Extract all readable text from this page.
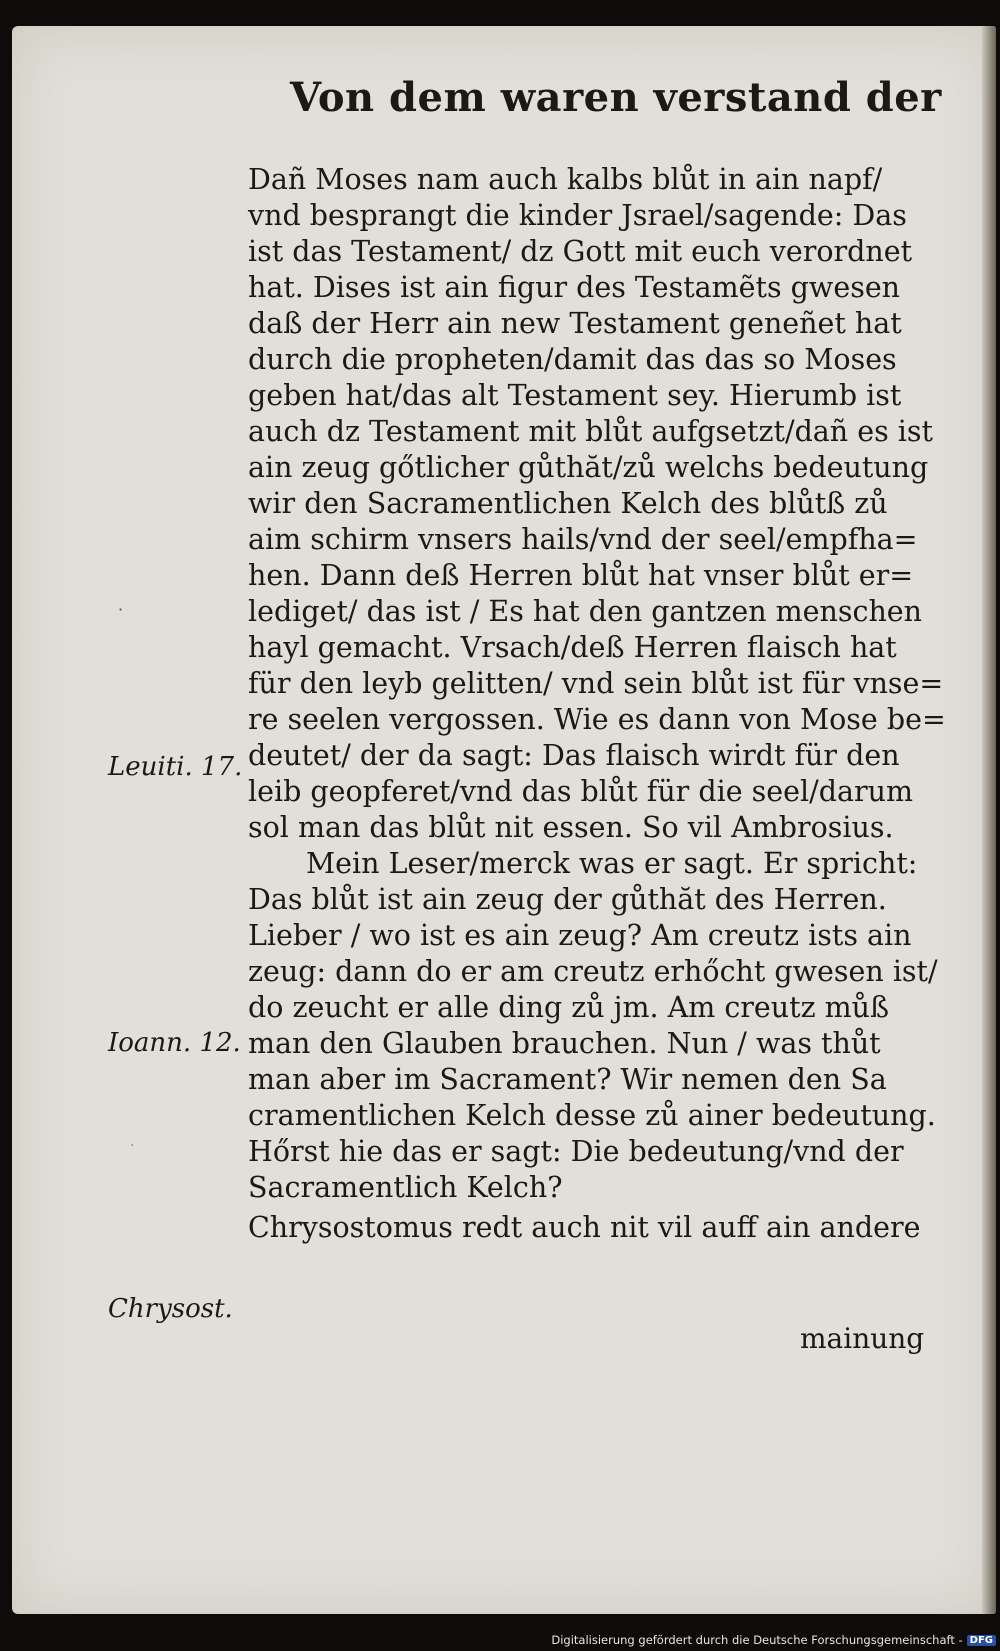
Von dem waren verstand der
Dañ Moses nam auch kalbs blůt in ain napf/
vnd besprangt die kinder Jsrael/sagende: Das
ist das Testament/ dz Gott mit euch verordnet
hat. Dises ist ain figur des Testamẽts gwesen
daß der Herr ain new Testament geneñet hat
durch die propheten/damit das das so Moses
geben hat/das alt Testament sey. Hierumb ist
auch dz Testament mit blůt aufgsetzt/dañ es ist
ain zeug gőtlicher gůthăt/zů welchs bedeutung
wir den Sacramentlichen Kelch des blůtß zů
aim schirm vnsers hails/vnd der seel/empfha=
hen. Dann deß Herren blůt hat vnser blůt er=
lediget/ das ist / Es hat den gantzen menschen
hayl gemacht. Vrsach/deß Herren flaisch hat
für den leyb gelitten/ vnd sein blůt ist für vnse=
re seelen vergossen. Wie es dann von Mose be=
deutet/ der da sagt: Das flaisch wirdt für den
leib geopferet/vnd das blůt für die seel/darum
sol man das blůt nit essen. So vil Ambrosius.
Mein Leser/merck was er sagt. Er spricht:
Das blůt ist ain zeug der gůthăt des Herren.
Lieber / wo ist es ain zeug? Am creutz ists ain
zeug: dann do er am creutz erhőcht gwesen ist/
do zeucht er alle ding zů jm. Am creutz můß
man den Glauben brauchen. Nun / was thůt
man aber im Sacrament? Wir nemen den Sa
cramentlichen Kelch desse zů ainer bedeutung.
Hőrst hie das er sagt: Die bedeutung/vnd der
Sacramentlich Kelch?
Chrysostomus redt auch nit vil auff ain andere
Leuiti. 17.
Ioann. 12.
Chrysost.
mainung
·
·
Digitalisierung gefördert durch die Deutsche Forschungsgemeinschaft - DFG
